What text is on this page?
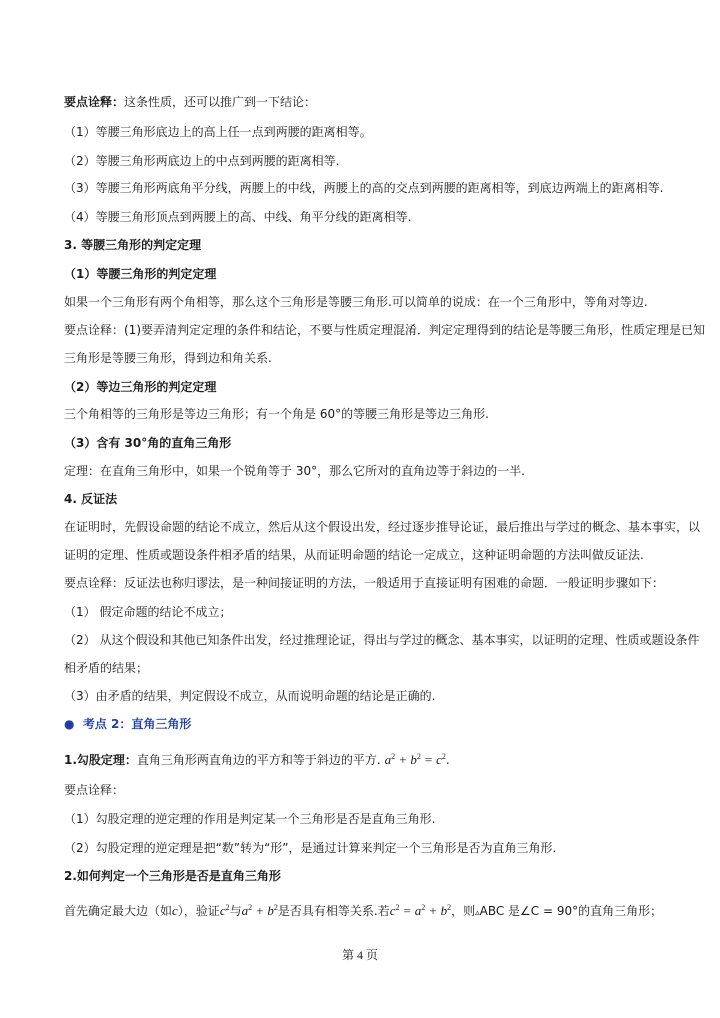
要点诠释：这条性质，还可以推广到一下结论：
（1）等腰三角形底边上的高上任一点到两腰的距离相等。
（2）等腰三角形两底边上的中点到两腰的距离相等.
（3）等腰三角形两底角平分线，两腰上的中线，两腰上的高的交点到两腰的距离相等，到底边两端上的距离相等.
（4）等腰三角形顶点到两腰上的高、中线、角平分线的距离相等.
3. 等腰三角形的判定定理
（1）等腰三角形的判定定理
如果一个三角形有两个角相等，那么这个三角形是等腰三角形.可以简单的说成：在一个三角形中，等角对等边.
要点诠释：(1)要弄清判定定理的条件和结论，不要与性质定理混淆．判定定理得到的结论是等腰三角形，性质定理是已知
三角形是等腰三角形，得到边和角关系.
（2）等边三角形的判定定理
三个角相等的三角形是等边三角形；有一个角是 60°的等腰三角形是等边三角形.
（3）含有 30°角的直角三角形
定理：在直角三角形中，如果一个锐角等于 30°，那么它所对的直角边等于斜边的一半.
4. 反证法
在证明时，先假设命题的结论不成立，然后从这个假设出发，经过逐步推导论证，最后推出与学过的概念、基本事实，以
证明的定理、性质或题设条件相矛盾的结果，从而证明命题的结论一定成立，这种证明命题的方法叫做反证法.
要点诠释：反证法也称归谬法，是一种间接证明的方法，一般适用于直接证明有困难的命题．一般证明步骤如下：
（1） 假定命题的结论不成立；
（2） 从这个假设和其他已知条件出发，经过推理论证，得出与学过的概念、基本事实，以证明的定理、性质或题设条件
相矛盾的结果；
（3）由矛盾的结果，判定假设不成立，从而说明命题的结论是正确的.
● 考点 2：直角三角形
1.勾股定理：直角三角形两直角边的平方和等于斜边的平方. $a^2 + b^2 = c^2$.
要点诠释：
（1）勾股定理的逆定理的作用是判定某一个三角形是否是直角三角形.
（2）勾股定理的逆定理是把“数”转为“形”，是通过计算来判定一个三角形是否为直角三角形.
2.如何判定一个三角形是否是直角三角形
首先确定最大边（如c），验证$c^2$与$a^2 + b^2$是否具有相等关系.若$c^2 = a^2 + b^2$，则▵ABC 是∠C = 90°的直角三角形；
第 4 页
